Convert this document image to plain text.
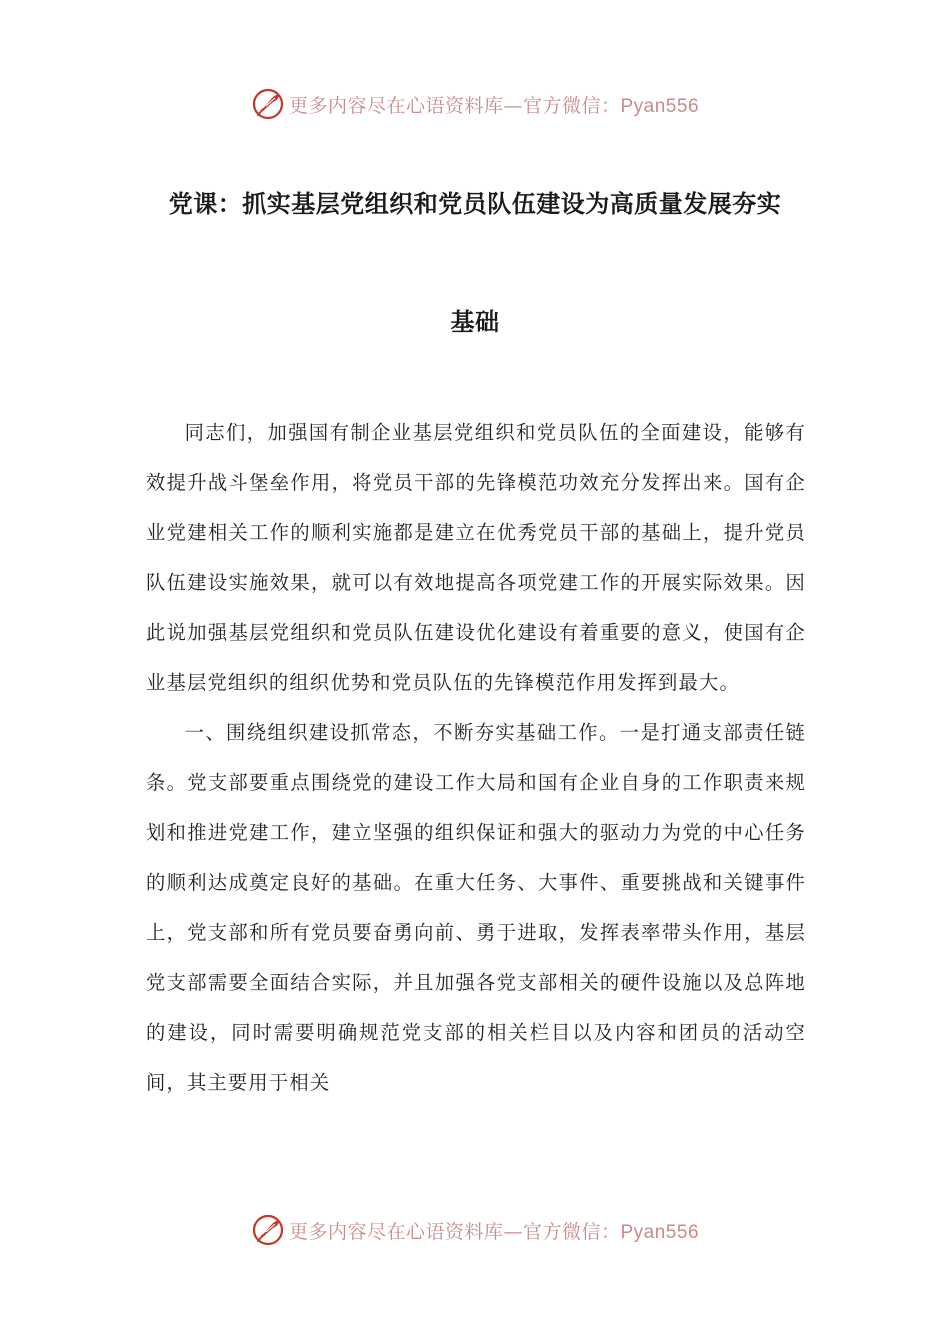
更多内容尽在心语资料库—官方微信：Pyan556
党课：抓实基层党组织和党员队伍建设为高质量发展夯实
基础
同志们，加强国有制企业基层党组织和党员队伍的全面建设，能够有效提升战斗堡垒作用，将党员干部的先锋模范功效充分发挥出来。国有企业党建相关工作的顺利实施都是建立在优秀党员干部的基础上，提升党员队伍建设实施效果，就可以有效地提高各项党建工作的开展实际效果。因此说加强基层党组织和党员队伍建设优化建设有着重要的意义，使国有企业基层党组织的组织优势和党员队伍的先锋模范作用发挥到最大。
一、围绕组织建设抓常态，不断夯实基础工作。一是打通支部责任链条。党支部要重点围绕党的建设工作大局和国有企业自身的工作职责来规划和推进党建工作，建立坚强的组织保证和强大的驱动力为党的中心任务的顺利达成奠定良好的基础。在重大任务、大事件、重要挑战和关键事件上，党支部和所有党员要奋勇向前、勇于进取，发挥表率带头作用，基层党支部需要全面结合实际，并且加强各党支部相关的硬件设施以及总阵地的建设，同时需要明确规范党支部的相关栏目以及内容和团员的活动空间，其主要用于相关
更多内容尽在心语资料库—官方微信：Pyan556
